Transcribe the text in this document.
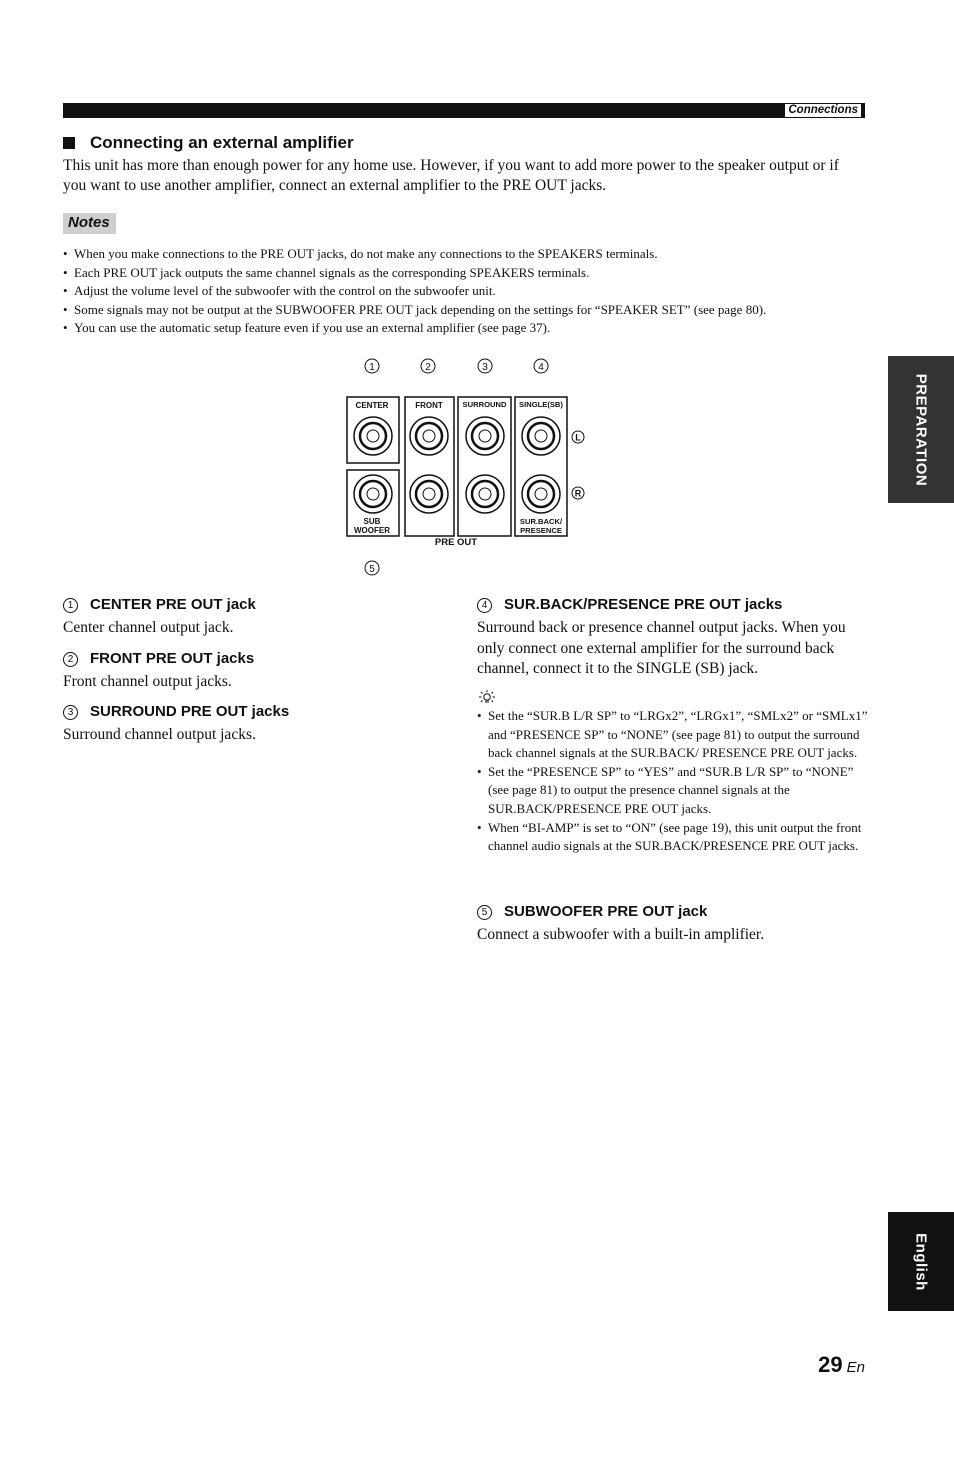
Connections
Connecting an external amplifier
This unit has more than enough power for any home use. However, if you want to add more power to the speaker output or if you want to use another amplifier, connect an external amplifier to the PRE OUT jacks.
Notes
• When you make connections to the PRE OUT jacks, do not make any connections to the SPEAKERS terminals.
• Each PRE OUT jack outputs the same channel signals as the corresponding SPEAKERS terminals.
• Adjust the volume level of the subwoofer with the control on the subwoofer unit.
• Some signals may not be output at the SUBWOOFER PRE OUT jack depending on the settings for “SPEAKER SET” (see page 80).
• You can use the automatic setup feature even if you use an external amplifier (see page 37).
1	2	3	4
5
L
R
CENTER	FRONT	SURROUND SINGLE(SB)
SUB
WOOFER
SUR.BACK/
PRESENCE
PRE OUT
PREPARATION
English
1 CENTER PRE OUT jack
Center channel output jack.
2 FRONT PRE OUT jacks
Front channel output jacks.
3 SURROUND PRE OUT jacks
Surround channel output jacks.
4 SUR.BACK/PRESENCE PRE OUT jacks
Surround back or presence channel output jacks. When you only connect one external amplifier for the surround back channel, connect it to the SINGLE (SB) jack.
• Set the “SUR.B L/R SP” to “LRGx2”, “LRGx1”, “SMLx2” or “SMLx1” and “PRESENCE SP” to “NONE” (see page 81) to output the surround back channel signals at the SUR.BACK/ PRESENCE PRE OUT jacks.
• Set the “PRESENCE SP” to “YES” and “SUR.B L/R SP” to “NONE” (see page 81) to output the presence channel signals at the SUR.BACK/PRESENCE PRE OUT jacks.
• When “BI-AMP” is set to “ON” (see page 19), this unit output the front channel audio signals at the SUR.BACK/PRESENCE PRE OUT jacks.
5 SUBWOOFER PRE OUT jack
Connect a subwoofer with a built-in amplifier.
29 En
